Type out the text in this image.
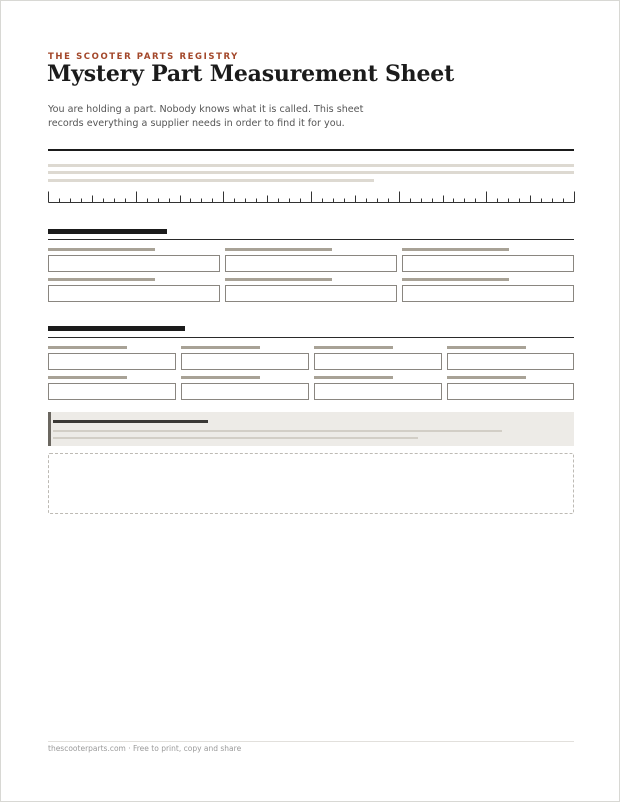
THE SCOOTER PARTS REGISTRY
Mystery Part Measurement Sheet

You are holding a part. Nobody knows what it is called. This sheet records everything a supplier needs in order to find it for you.

thescooterparts.com · Free to print, copy and share
